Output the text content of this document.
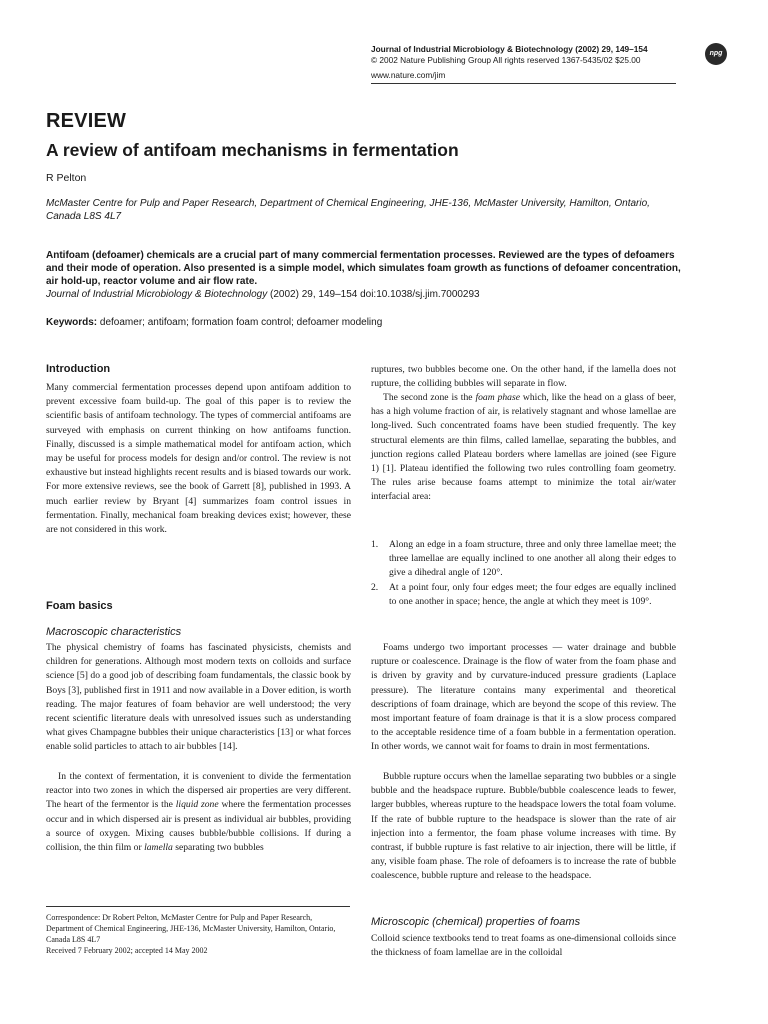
Journal of Industrial Microbiology & Biotechnology (2002) 29, 149–154
© 2002 Nature Publishing Group All rights reserved 1367-5435/02 $25.00
www.nature.com/jim
npg
REVIEW
A review of antifoam mechanisms in fermentation
R Pelton
McMaster Centre for Pulp and Paper Research, Department of Chemical Engineering, JHE-136, McMaster University, Hamilton, Ontario, Canada L8S 4L7
Antifoam (defoamer) chemicals are a crucial part of many commercial fermentation processes. Reviewed are the types of defoamers and their mode of operation. Also presented is a simple model, which simulates foam growth as functions of defoamer concentration, air hold-up, reactor volume and air flow rate.
Journal of Industrial Microbiology & Biotechnology (2002) 29, 149–154 doi:10.1038/sj.jim.7000293
Keywords: defoamer; antifoam; formation foam control; defoamer modeling
Introduction
Many commercial fermentation processes depend upon antifoam addition to prevent excessive foam build-up. The goal of this paper is to review the scientific basis of antifoam technology. The types of commercial antifoams are surveyed with emphasis on current thinking on how antifoams function. Finally, discussed is a simple mathematical model for antifoam action, which may be useful for process models for design and/or control. The review is not exhaustive but instead highlights recent results and is biased towards our work. For more extensive reviews, see the book of Garrett [8], published in 1993. A much earlier review by Bryant [4] summarizes foam control issues in fermentation. Finally, mechanical foam breaking devices exist; however, these are not considered in this work.
Foam basics
Macroscopic characteristics
The physical chemistry of foams has fascinated physicists, chemists and children for generations. Although most modern texts on colloids and surface science [5] do a good job of describing foam fundamentals, the classic book by Boys [3], published first in 1911 and now available in a Dover edition, is worth reading. The major features of foam behavior are well understood; the very recent scientific literature deals with unresolved issues such as understanding what gives Champagne bubbles their unique characteristics [13] or what forces enable solid particles to attach to air bubbles [14].
In the context of fermentation, it is convenient to divide the fermentation reactor into two zones in which the dispersed air properties are very different. The heart of the fermentor is the liquid zone where the fermentation processes occur and in which dispersed air is present as individual air bubbles, providing a source of oxygen. Mixing causes bubble/bubble collisions. If during a collision, the thin film or lamella separating two bubbles
Correspondence: Dr Robert Pelton, McMaster Centre for Pulp and Paper Research, Department of Chemical Engineering, JHE-136, McMaster University, Hamilton, Ontario, Canada L8S 4L7
Received 7 February 2002; accepted 14 May 2002
ruptures, two bubbles become one. On the other hand, if the lamella does not rupture, the colliding bubbles will separate in flow.
The second zone is the foam phase which, like the head on a glass of beer, has a high volume fraction of air, is relatively stagnant and whose lamellae are long-lived. Such concentrated foams have been studied frequently. The key structural elements are thin films, called lamellae, separating the bubbles, and junction regions called Plateau borders where lamellas are joined (see Figure 1) [1]. Plateau identified the following two rules controlling foam geometry. The rules arise because foams attempt to minimize the total air/water interfacial area:
1. Along an edge in a foam structure, three and only three lamellae meet; the three lamellae are equally inclined to one another all along their edges to give a dihedral angle of 120°.
2. At a point four, only four edges meet; the four edges are equally inclined to one another in space; hence, the angle at which they meet is 109°.
Foams undergo two important processes — water drainage and bubble rupture or coalescence. Drainage is the flow of water from the foam phase and is driven by gravity and by curvature-induced pressure gradients (Laplace pressure). The literature contains many experimental and theoretical descriptions of foam drainage, which are beyond the scope of this review. The most important feature of foam drainage is that it is a slow process compared to the acceptable residence time of a foam bubble in a fermentation operation. In other words, we cannot wait for foams to drain in most fermentations.
Bubble rupture occurs when the lamellae separating two bubbles or a single bubble and the headspace rupture. Bubble/bubble coalescence leads to fewer, larger bubbles, whereas rupture to the headspace lowers the total foam volume. If the rate of bubble rupture to the headspace is slower than the rate of air injection into a fermentor, the foam phase volume increases with time. By contrast, if bubble rupture is fast relative to air injection, there will be little, if any, visible foam phase. The role of defoamers is to increase the rate of bubble coalescence, bubble rupture and release to the headspace.
Microscopic (chemical) properties of foams
Colloid science textbooks tend to treat foams as one-dimensional colloids since the thickness of foam lamellae are in the colloidal
